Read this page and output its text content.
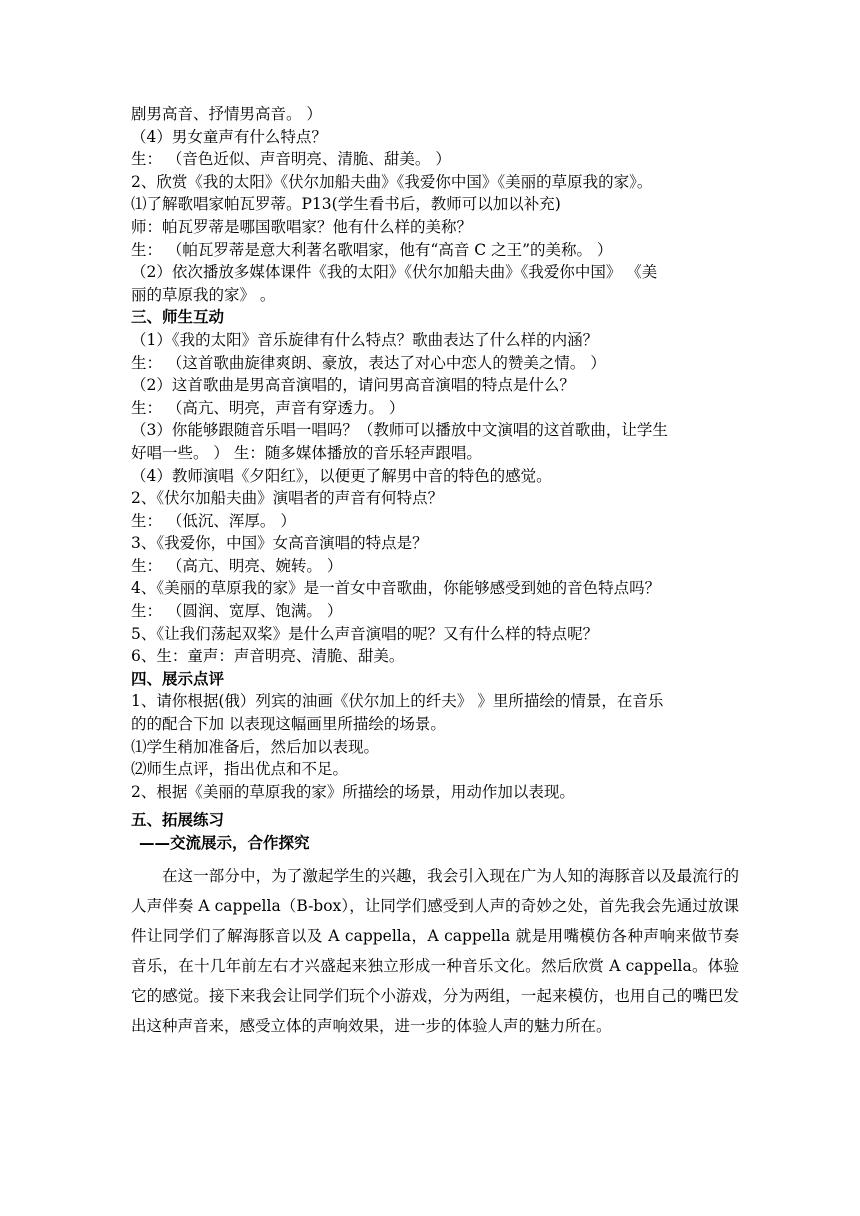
剧男高音、抒情男高音。 ）
（4）男女童声有什么特点？
生： （音色近似、声音明亮、清脆、甜美。 ）
2、欣赏《我的太阳》《伏尔加船夫曲》《我爱你中国》《美丽的草原我的家》。
⑴了解歌唱家帕瓦罗蒂。P13(学生看书后，教师可以加以补充)
师：帕瓦罗蒂是哪国歌唱家？他有什么样的美称？
生： （帕瓦罗蒂是意大利著名歌唱家，他有“高音 C 之王”的美称。 ）
（2）依次播放多媒体课件《我的太阳》《伏尔加船夫曲》《我爱你中国》 《美
丽的草原我的家》 。
三、师生互动
（1）《我的太阳》音乐旋律有什么特点？歌曲表达了什么样的内涵？
生： （这首歌曲旋律爽朗、豪放，表达了对心中恋人的赞美之情。 ）
（2）这首歌曲是男高音演唱的，请问男高音演唱的特点是什么？
生： （高亢、明亮，声音有穿透力。 ）
（3）你能够跟随音乐唱一唱吗？（教师可以播放中文演唱的这首歌曲，让学生
好唱一些。 ） 生：随多媒体播放的音乐轻声跟唱。
（4）教师演唱《夕阳红》，以便更了解男中音的特色的感觉。
2、《伏尔加船夫曲》演唱者的声音有何特点？
生： （低沉、浑厚。 ）
3、《我爱你，中国》女高音演唱的特点是？
生： （高亢、明亮、婉转。 ）
4、《美丽的草原我的家》是一首女中音歌曲，你能够感受到她的音色特点吗？
生： （圆润、宽厚、饱满。 ）
5、《让我们荡起双桨》是什么声音演唱的呢？又有什么样的特点呢？
6、生：童声：声音明亮、清脆、甜美。
四、展示点评
1、请你根据(俄）列宾的油画《伏尔加上的纤夫》 》里所描绘的情景，在音乐
的的配合下加 以表现这幅画里所描绘的场景。
⑴学生稍加准备后，然后加以表现。
⑵师生点评，指出优点和不足。
2、根据《美丽的草原我的家》所描绘的场景，用动作加以表现。
五、拓展练习
——交流展示，合作探究
在这一部分中，为了激起学生的兴趣，我会引入现在广为人知的海豚音以及最流行的人声伴奏 A cappella（B-box），让同学们感受到人声的奇妙之处，首先我会先通过放课件让同学们了解海豚音以及 A cappella，A cappella 就是用嘴模仿各种声响来做节奏音乐，在十几年前左右才兴盛起来独立形成一种音乐文化。然后欣赏 A cappella。体验它的感觉。接下来我会让同学们玩个小游戏，分为两组，一起来模仿，也用自己的嘴巴发出这种声音来，感受立体的声响效果，进一步的体验人声的魅力所在。
